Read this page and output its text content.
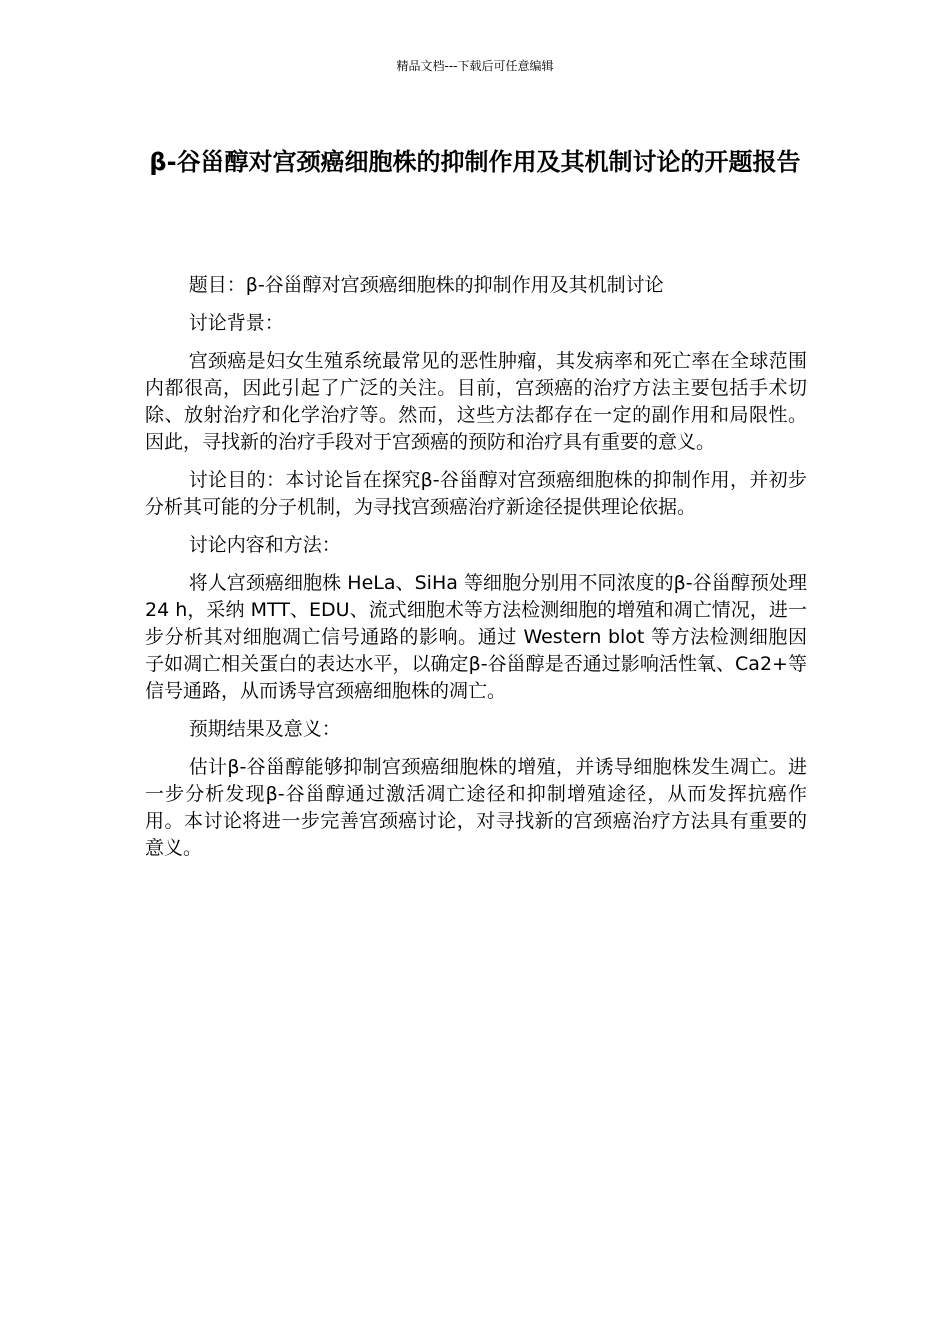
精品文档---下载后可任意编辑
β-谷甾醇对宫颈癌细胞株的抑制作用及其机制讨论的开题报告

题目：β-谷甾醇对宫颈癌细胞株的抑制作用及其机制讨论

讨论背景：

宫颈癌是妇女生殖系统最常见的恶性肿瘤，其发病率和死亡率在全球范围内都很高，因此引起了广泛的关注。目前，宫颈癌的治疗方法主要包括手术切除、放射治疗和化学治疗等。然而，这些方法都存在一定的副作用和局限性。因此，寻找新的治疗手段对于宫颈癌的预防和治疗具有重要的意义。

讨论目的：本讨论旨在探究β-谷甾醇对宫颈癌细胞株的抑制作用，并初步分析其可能的分子机制，为寻找宫颈癌治疗新途径提供理论依据。

讨论内容和方法：

将人宫颈癌细胞株 HeLa、SiHa 等细胞分别用不同浓度的β-谷甾醇预处理 24 h，采纳 MTT、EDU、流式细胞术等方法检测细胞的增殖和凋亡情况，进一步分析其对细胞凋亡信号通路的影响。通过 Western blot 等方法检测细胞因子如凋亡相关蛋白的表达水平，以确定β-谷甾醇是否通过影响活性氧、Ca2+等信号通路，从而诱导宫颈癌细胞株的凋亡。

预期结果及意义：

估计β-谷甾醇能够抑制宫颈癌细胞株的增殖，并诱导细胞株发生凋亡。进一步分析发现β-谷甾醇通过激活凋亡途径和抑制增殖途径，从而发挥抗癌作用。本讨论将进一步完善宫颈癌讨论，对寻找新的宫颈癌治疗方法具有重要的意义。
